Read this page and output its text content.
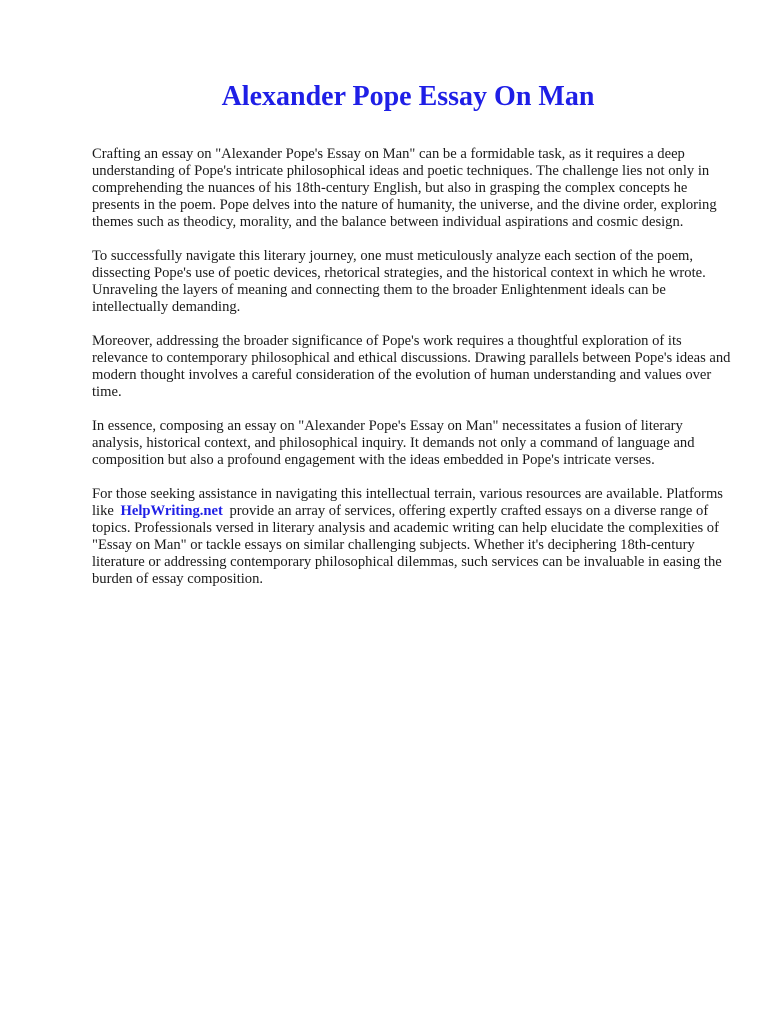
Alexander Pope Essay On Man

Crafting an essay on "Alexander Pope's Essay on Man" can be a formidable task, as it requires a deep understanding of Pope's intricate philosophical ideas and poetic techniques. The challenge lies not only in comprehending the nuances of his 18th-century English, but also in grasping the complex concepts he presents in the poem. Pope delves into the nature of humanity, the universe, and the divine order, exploring themes such as theodicy, morality, and the balance between individual aspirations and cosmic design.

To successfully navigate this literary journey, one must meticulously analyze each section of the poem, dissecting Pope's use of poetic devices, rhetorical strategies, and the historical context in which he wrote. Unraveling the layers of meaning and connecting them to the broader Enlightenment ideals can be intellectually demanding.

Moreover, addressing the broader significance of Pope's work requires a thoughtful exploration of its relevance to contemporary philosophical and ethical discussions. Drawing parallels between Pope's ideas and modern thought involves a careful consideration of the evolution of human understanding and values over time.

In essence, composing an essay on "Alexander Pope's Essay on Man" necessitates a fusion of literary analysis, historical context, and philosophical inquiry. It demands not only a command of language and composition but also a profound engagement with the ideas embedded in Pope's intricate verses.

For those seeking assistance in navigating this intellectual terrain, various resources are available. Platforms like HelpWriting.net provide an array of services, offering expertly crafted essays on a diverse range of topics. Professionals versed in literary analysis and academic writing can help elucidate the complexities of "Essay on Man" or tackle essays on similar challenging subjects. Whether it's deciphering 18th-century literature or addressing contemporary philosophical dilemmas, such services can be invaluable in easing the burden of essay composition.
